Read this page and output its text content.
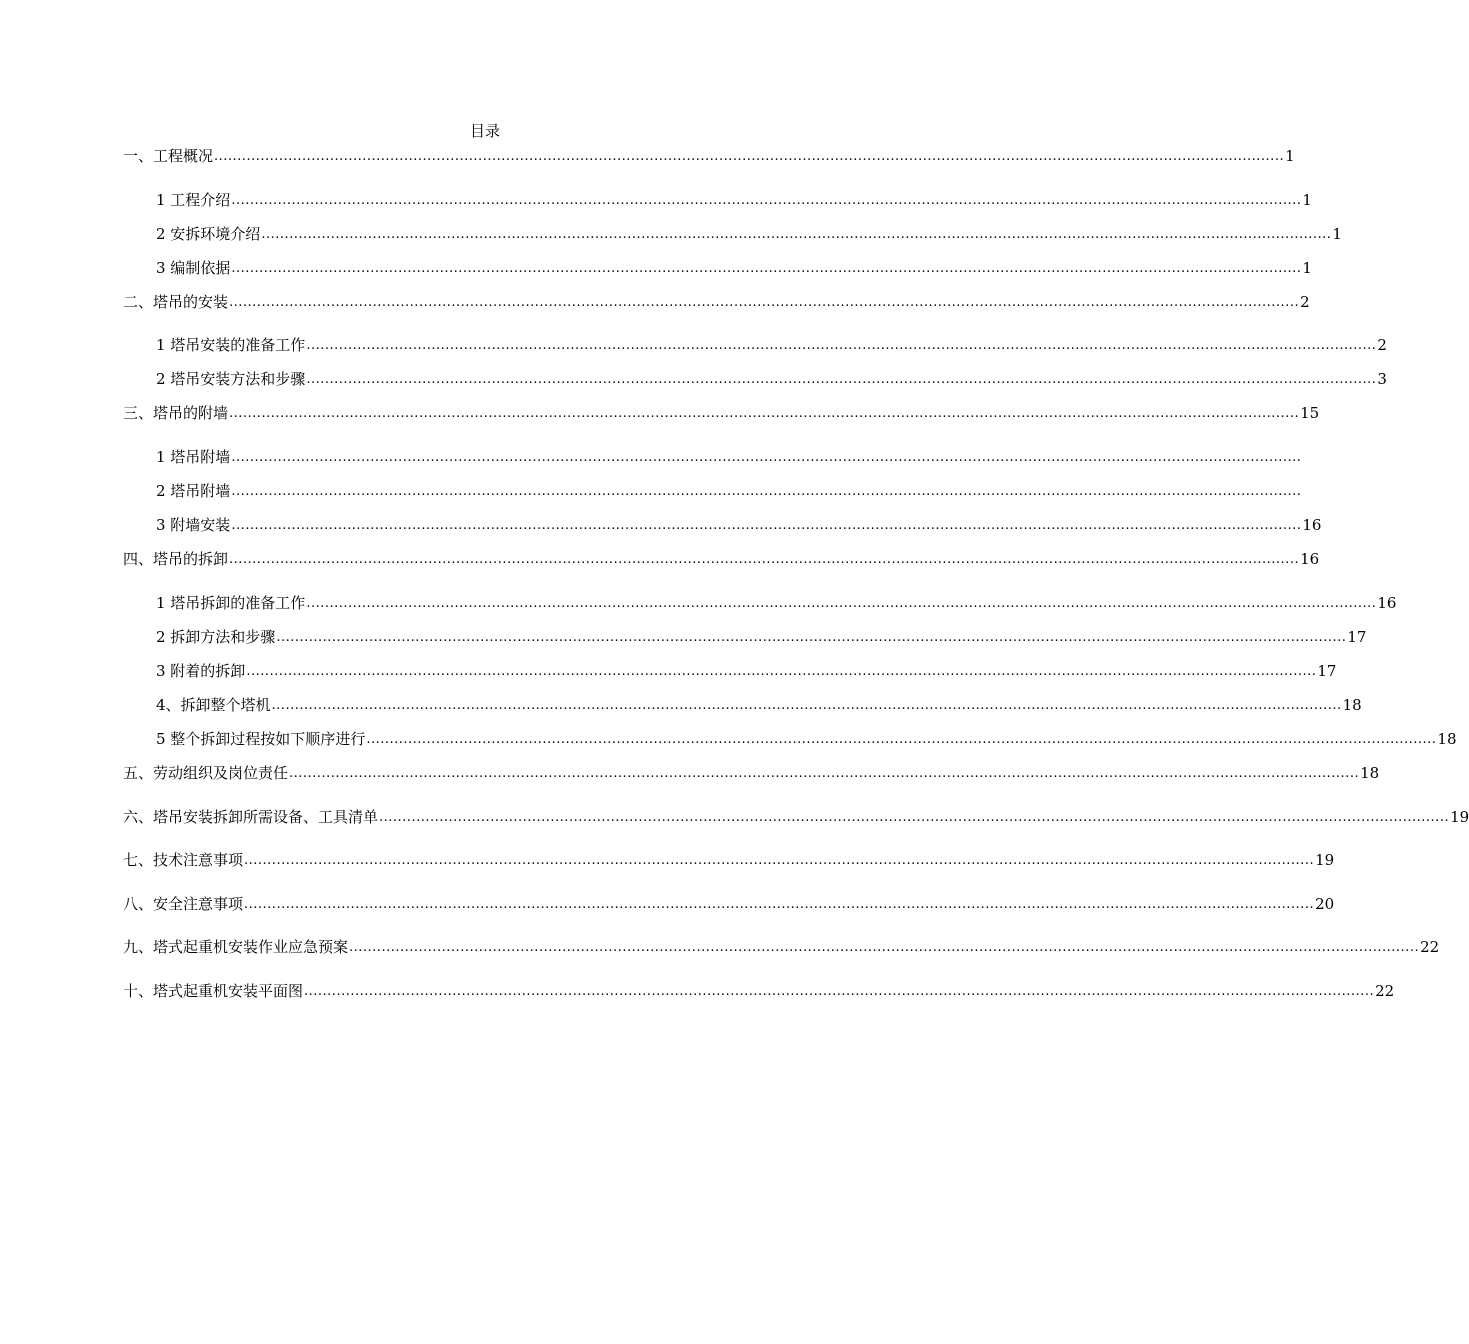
目录
一、工程概况 ....................................................................................................................................................................................................................................... 1
1 工程介绍 ....................................................................................................................................................................................................................................... 1
2 安拆环境介绍 ....................................................................................................................................................................................................................................... 1
3 编制依据 ....................................................................................................................................................................................................................................... 1
二、塔吊的安装 ....................................................................................................................................................................................................................................... 2
1 塔吊安装的准备工作 ....................................................................................................................................................................................................................................... 2
2 塔吊安装方法和步骤 ....................................................................................................................................................................................................................................... 3
三、塔吊的附墙 ....................................................................................................................................................................................................................................... 15
1 塔吊附墙 .......................................................................................................................................................................................................................................
2 塔吊附墙 .......................................................................................................................................................................................................................................
3 附墙安装 ....................................................................................................................................................................................................................................... 16
四、塔吊的拆卸 ....................................................................................................................................................................................................................................... 16
1 塔吊拆卸的准备工作 ....................................................................................................................................................................................................................................... 16
2 拆卸方法和步骤 ....................................................................................................................................................................................................................................... 17
3 附着的拆卸 ....................................................................................................................................................................................................................................... 17
4、拆卸整个塔机 ....................................................................................................................................................................................................................................... 18
5 整个拆卸过程按如下顺序进行 ....................................................................................................................................................................................................................................... 18
五、劳动组织及岗位责任 ....................................................................................................................................................................................................................................... 18
六、塔吊安装拆卸所需设备、工具清单 ....................................................................................................................................................................................................................................... 19
七、技术注意事项 ....................................................................................................................................................................................................................................... 19
八、安全注意事项 ....................................................................................................................................................................................................................................... 20
九、塔式起重机安装作业应急预案 ....................................................................................................................................................................................................................................... 22
十、塔式起重机安装平面图 ....................................................................................................................................................................................................................................... 22
